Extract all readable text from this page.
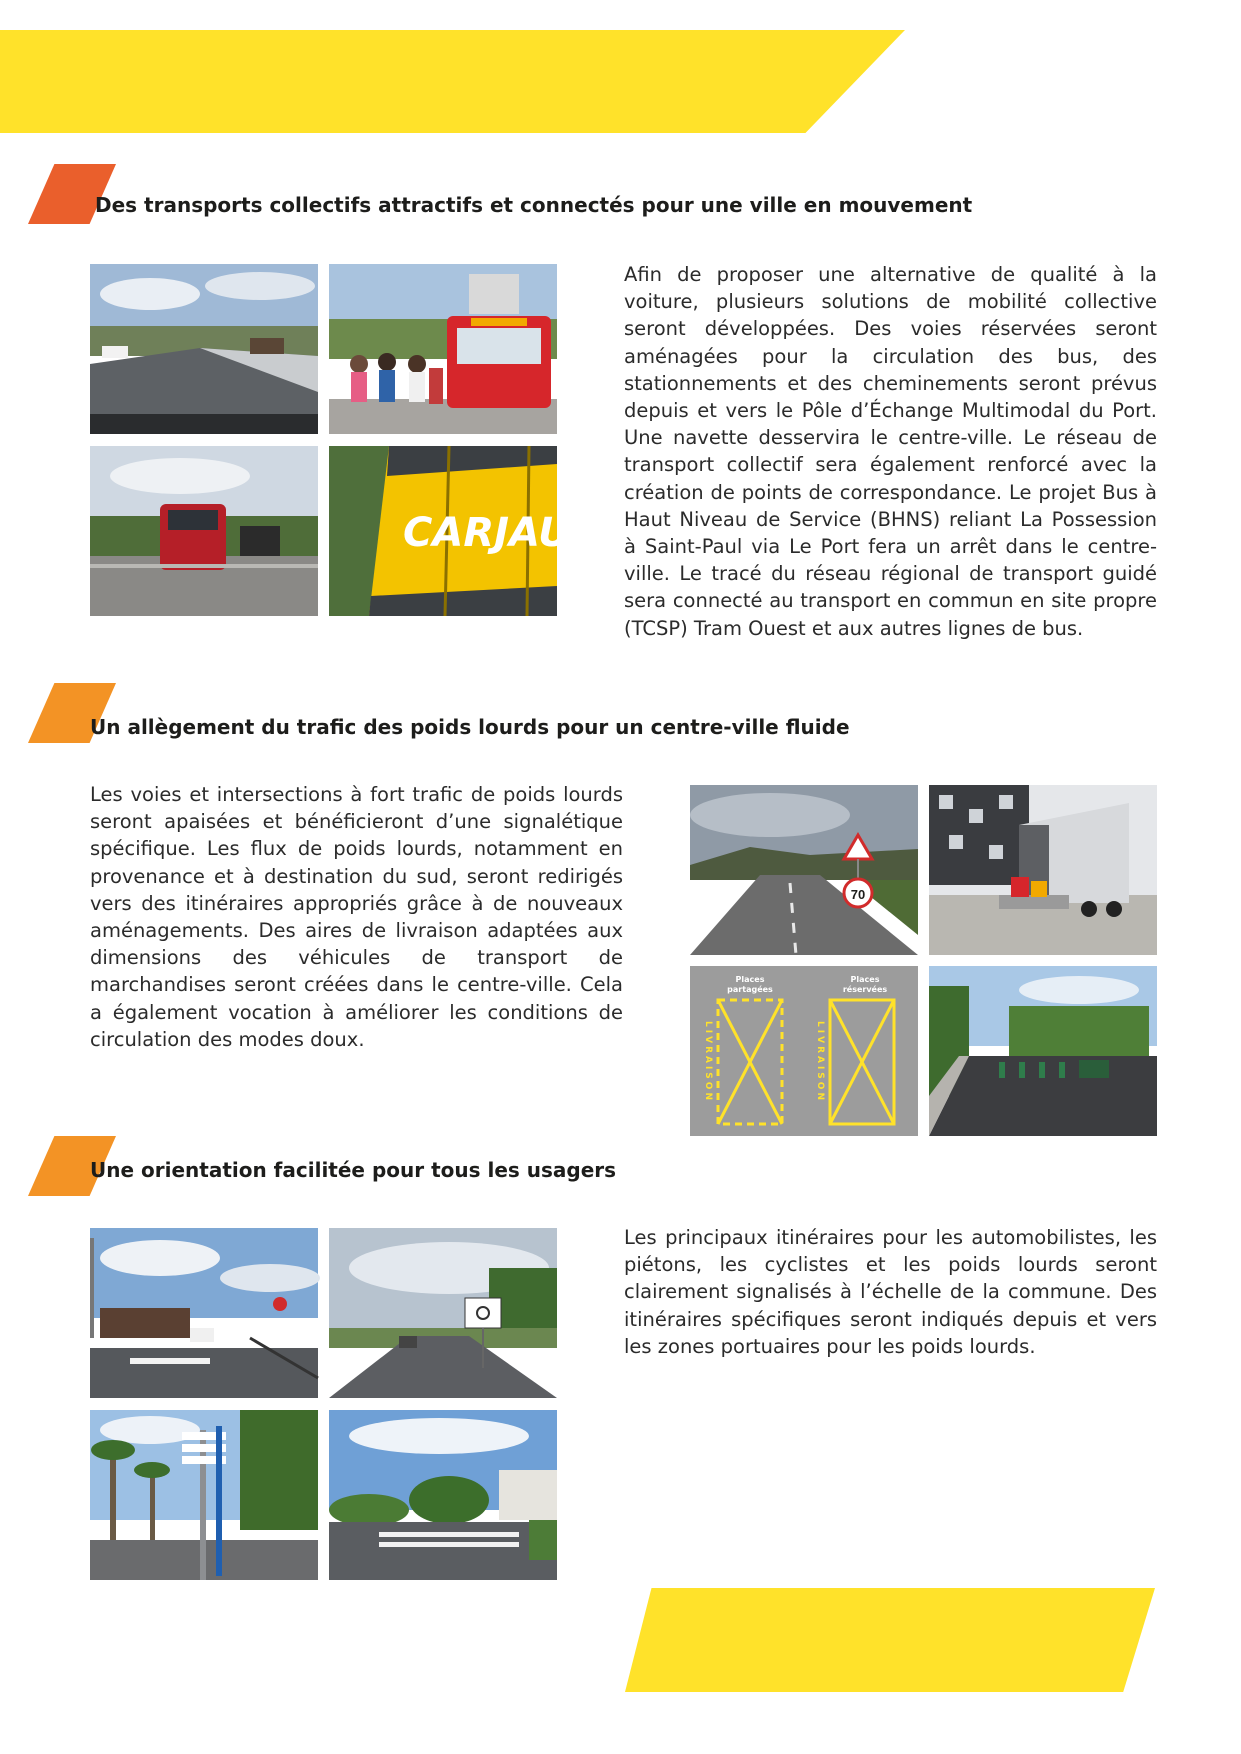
Des transports collectifs attractifs et connectés pour une ville en mouvement
CARJAUNE

Afin de proposer une alternative de qualité à la voiture, plusieurs solutions de mobilité collective seront développées. Des voies réservées seront aménagées pour la circulation des bus, des stationnements et des cheminements seront prévus depuis et vers le Pôle d’Échange Multimodal du Port. Une navette desservira le centre-ville. Le réseau de transport collectif sera également renforcé avec la création de points de correspondance. Le projet Bus à Haut Niveau de Service (BHNS) reliant La Possession à Saint-Paul via Le Port fera un arrêt dans le centre-ville. Le tracé du réseau régional de transport guidé sera connecté au transport en commun en site propre (TCSP) Tram Ouest et aux autres lignes de bus.

Un allègement du trafic des poids lourds pour un centre-ville fluide

Les voies et intersections à fort trafic de poids lourds seront apaisées et bénéficieront d’une signalétique spécifique. Les flux de poids lourds, notamment en provenance et à destination du sud, seront redirigés vers des itinéraires appropriés grâce à de nouveaux aménagements. Des aires de livraison adaptées aux dimensions des véhicules de transport de marchandises seront créées dans le centre-ville. Cela a également vocation à améliorer les conditions de circulation des modes doux.

70
Places
partagées
Places
réservées
LIVRAISON	LIVRAISON
Une orientation facilitée pour tous les usagers

Les principaux itinéraires pour les automobilistes, les piétons, les cyclistes et les poids lourds seront clairement signalisés à l’échelle de la commune. Des itinéraires spécifiques seront indiqués depuis et vers les zones portuaires pour les poids lourds.
